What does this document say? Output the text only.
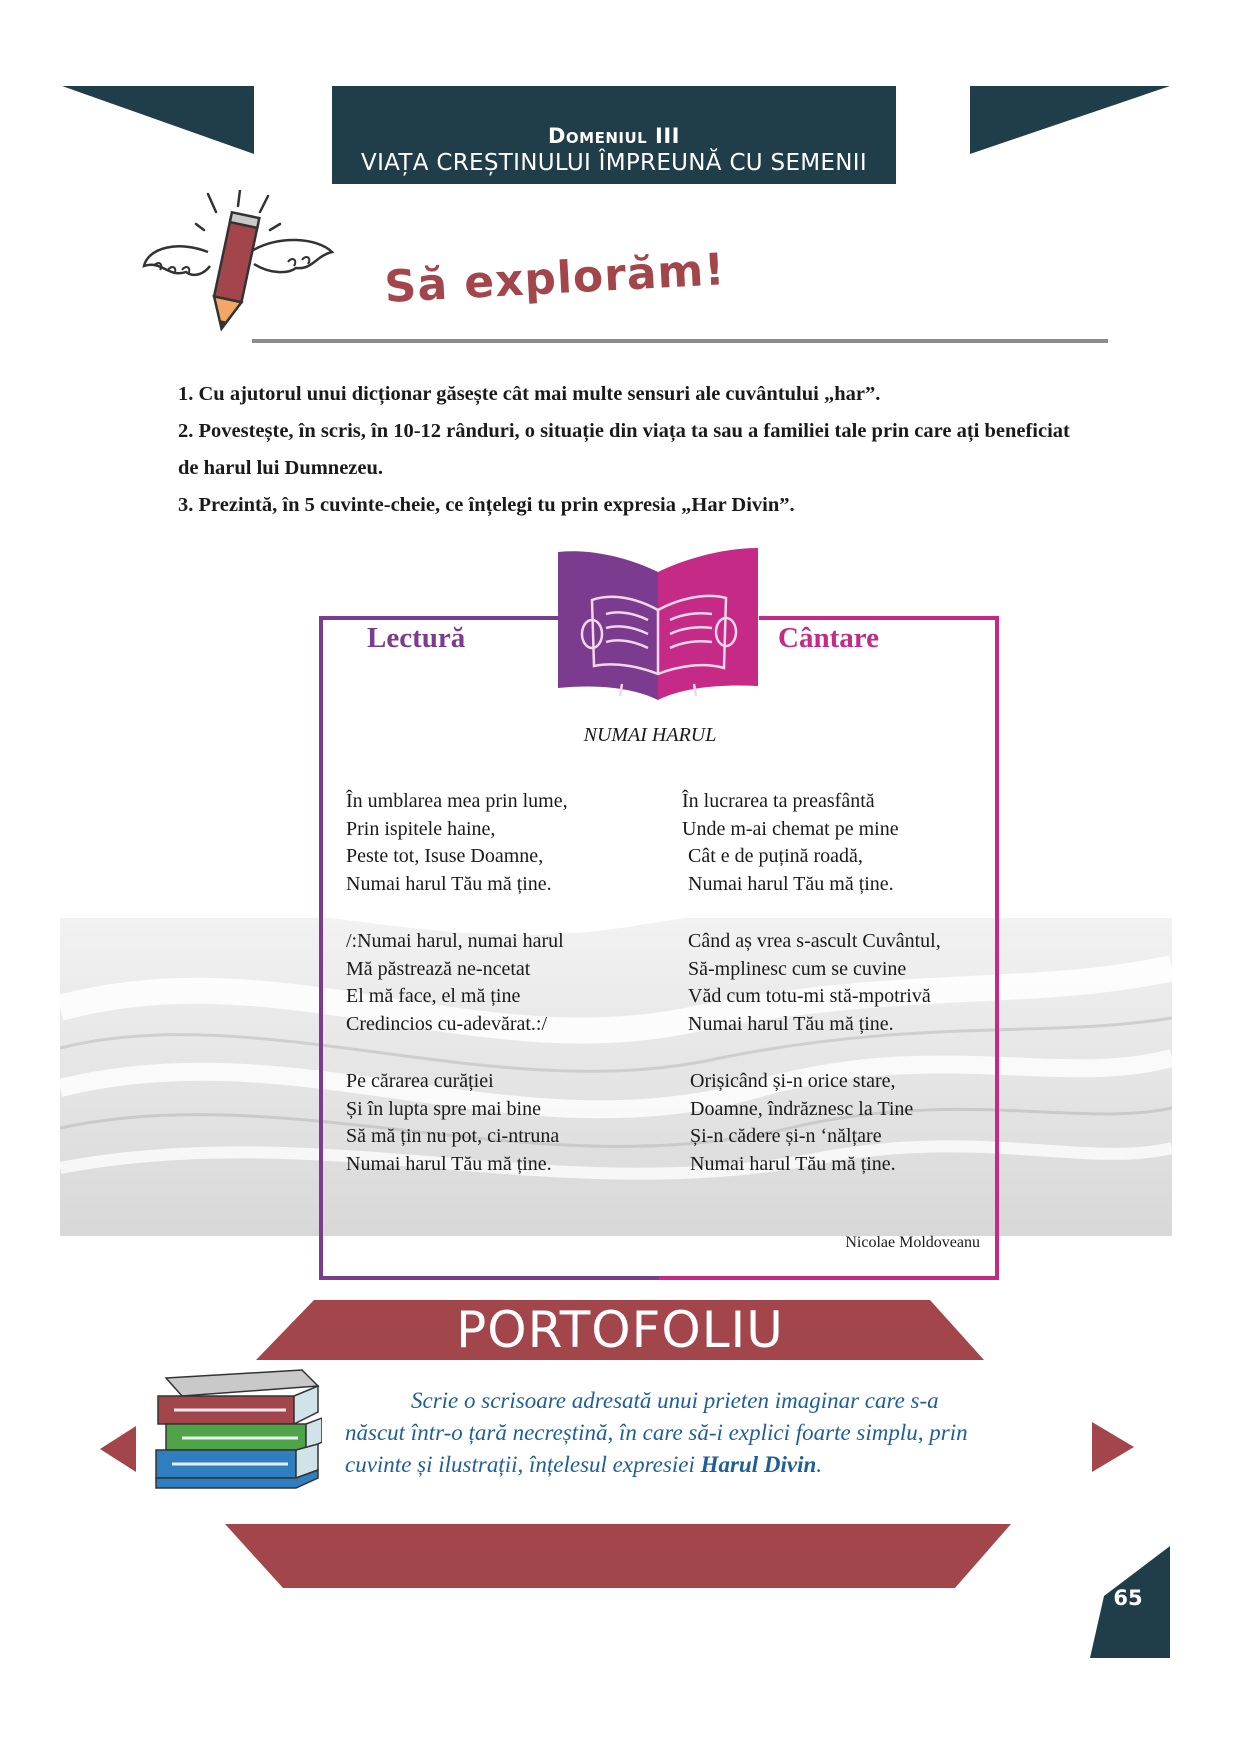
Domeniul III
VIAȚA CREȘTINULUI ÎMPREUNĂ CU SEMENII
Să explorăm!

1. Cu ajutorul unui dicționar găsește cât mai multe sensuri ale cuvântului „har”.

2. Povestește, în scris, în 10-12 rânduri, o situație din viața ta sau a familiei tale prin care ați beneficiat de harul lui Dumnezeu.

3. Prezintă, în 5 cuvinte-cheie, ce înțelegi tu prin expresia „Har Divin”.

Lectură	Cântare
NUMAI HARUL
În umblarea mea prin lume,
Prin ispitele haine,
Peste tot, Isuse Doamne,
Numai harul Tău mă ține.
/:Numai harul, numai harul
Mă păstrează ne-ncetat
El mă face, el mă ține
Credincios cu-adevărat.:/
Pe cărarea curăției
Și în lupta spre mai bine
Să mă țin nu pot, ci-ntruna
Numai harul Tău mă ține.
În lucrarea ta preasfântă
Unde m-ai chemat pe mine
Cât e de puțină roadă,
Numai harul Tău mă ține.
Când aș vrea s-ascult Cuvântul,
Să-mplinesc cum se cuvine
Văd cum totu-mi stă-mpotrivă
Numai harul Tău mă ține.
Orișicând și-n orice stare,
Doamne, îndrăznesc la Tine
Și-n cădere și-n ‘nălțare
Numai harul Tău mă ține.
Nicolae Moldoveanu
PORTOFOLIU
Scrie o scrisoare adresată unui prieten imaginar care s-a născut într-o țară necreștină, în care să-i explici foarte simplu, prin cuvinte și ilustrații, înțelesul expresiei Harul Divin.
65
